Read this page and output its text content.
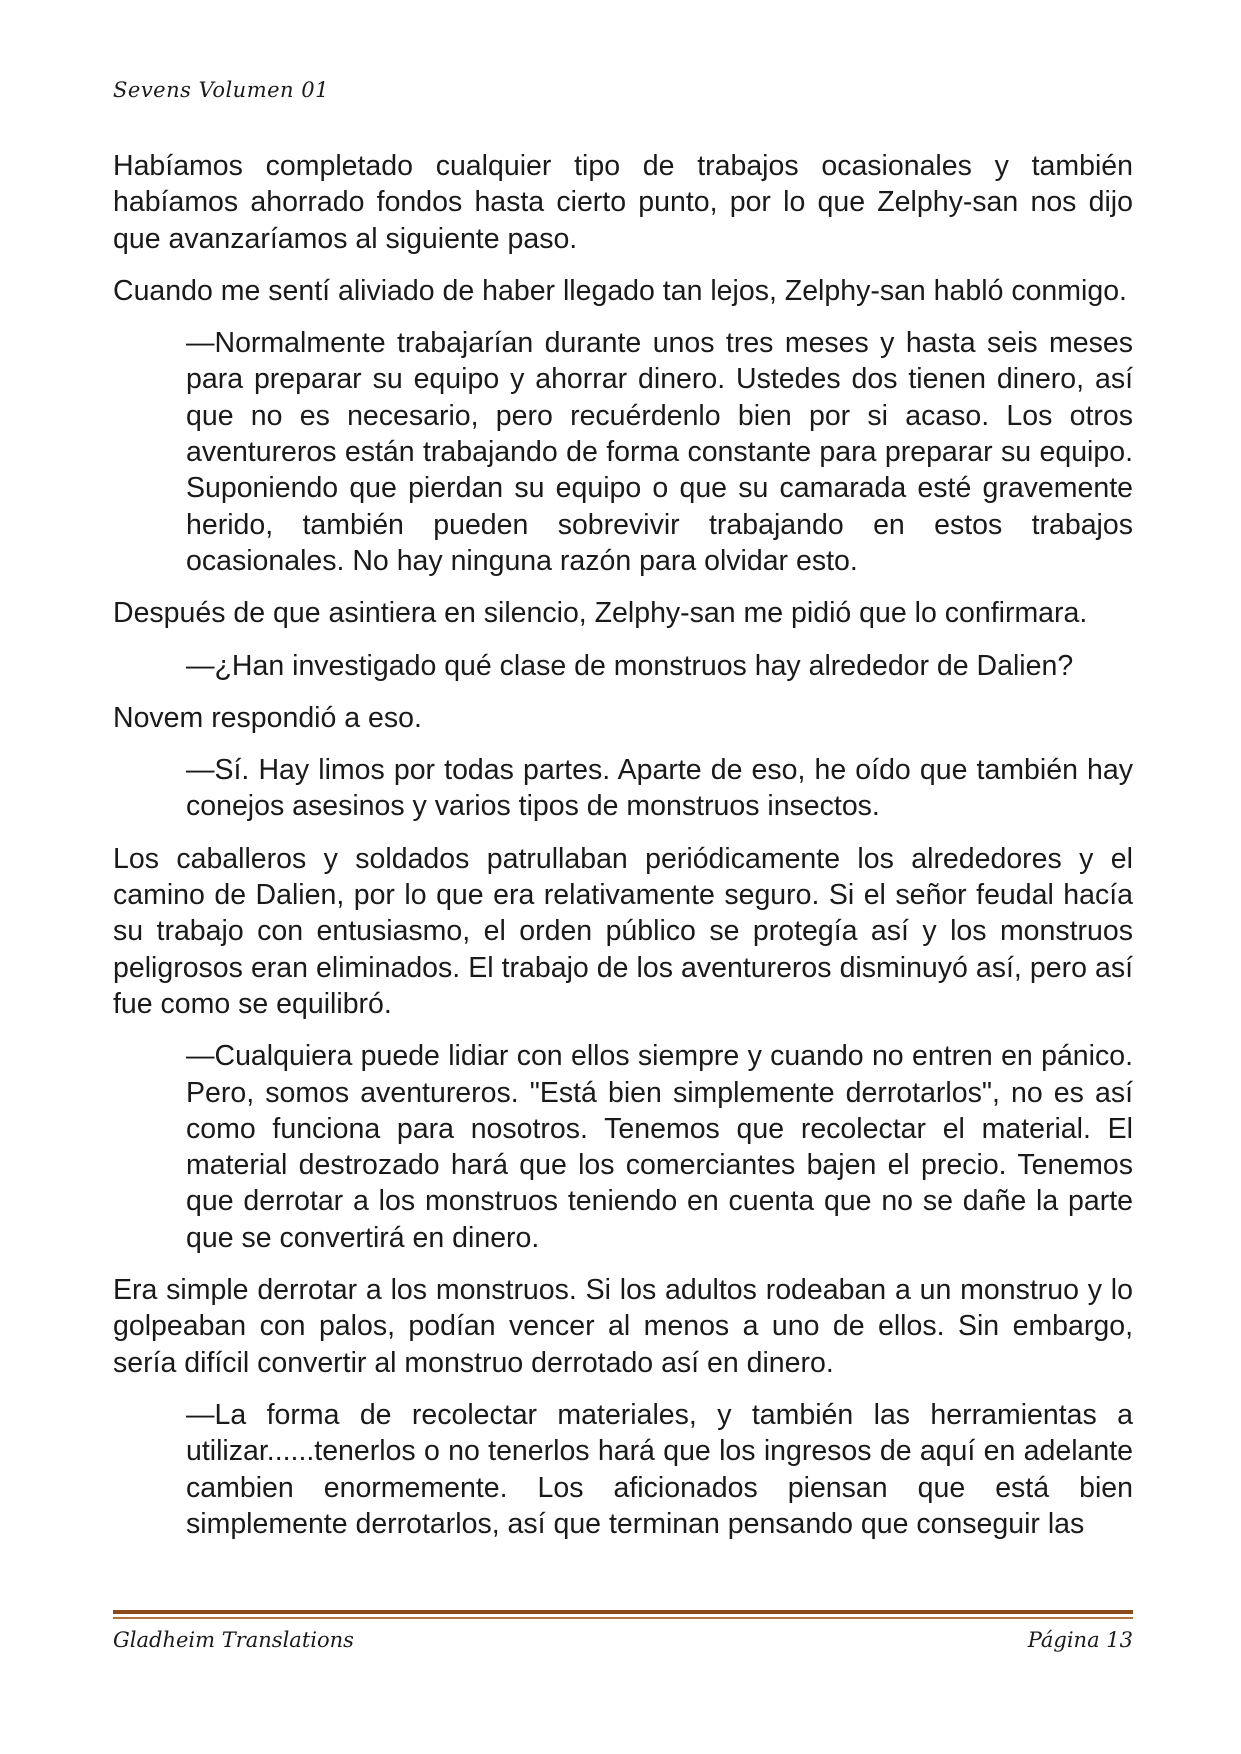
Sevens Volumen 01

Habíamos completado cualquier tipo de trabajos ocasionales y también habíamos ahorrado fondos hasta cierto punto, por lo que Zelphy-san nos dijo que avanzaríamos al siguiente paso.

Cuando me sentí aliviado de haber llegado tan lejos, Zelphy-san habló conmigo.

—Normalmente trabajarían durante unos tres meses y hasta seis meses para preparar su equipo y ahorrar dinero. Ustedes dos tienen dinero, así que no es necesario, pero recuérdenlo bien por si acaso. Los otros aventureros están trabajando de forma constante para preparar su equipo. Suponiendo que pierdan su equipo o que su camarada esté gravemente herido, también pueden sobrevivir trabajando en estos trabajos ocasionales. No hay ninguna razón para olvidar esto.

Después de que asintiera en silencio, Zelphy-san me pidió que lo confirmara.

—¿Han investigado qué clase de monstruos hay alrededor de Dalien?

Novem respondió a eso.

—Sí. Hay limos por todas partes. Aparte de eso, he oído que también hay conejos asesinos y varios tipos de monstruos insectos.

Los caballeros y soldados patrullaban periódicamente los alrededores y el camino de Dalien, por lo que era relativamente seguro. Si el señor feudal hacía su trabajo con entusiasmo, el orden público se protegía así y los monstruos peligrosos eran eliminados. El trabajo de los aventureros disminuyó así, pero así fue como se equilibró.

—Cualquiera puede lidiar con ellos siempre y cuando no entren en pánico. Pero, somos aventureros. "Está bien simplemente derrotarlos", no es así como funciona para nosotros. Tenemos que recolectar el material. El material destrozado hará que los comerciantes bajen el precio. Tenemos que derrotar a los monstruos teniendo en cuenta que no se dañe la parte que se convertirá en dinero.

Era simple derrotar a los monstruos. Si los adultos rodeaban a un monstruo y lo golpeaban con palos, podían vencer al menos a uno de ellos. Sin embargo, sería difícil convertir al monstruo derrotado así en dinero.

—La forma de recolectar materiales, y también las herramientas a utilizar......tenerlos o no tenerlos hará que los ingresos de aquí en adelante cambien enormemente. Los aficionados piensan que está bien simplemente derrotarlos, así que terminan pensando que conseguir las

Gladheim Translations	Página 13
